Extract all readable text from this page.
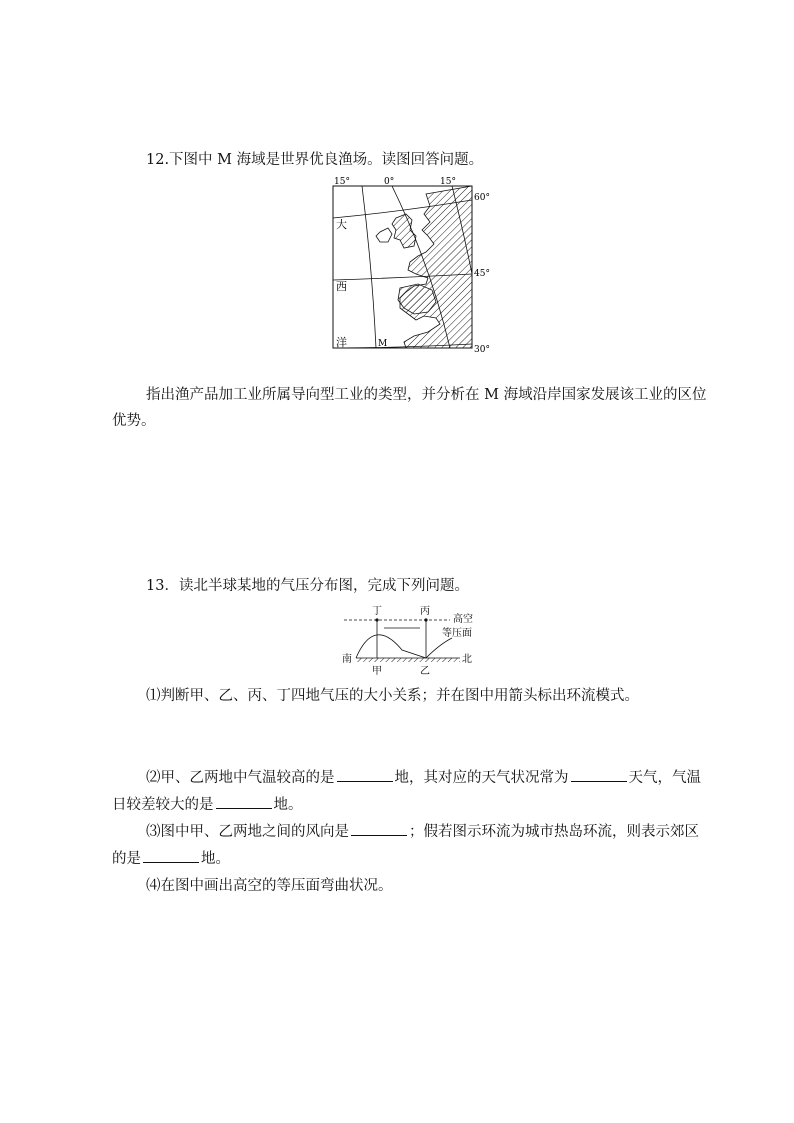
12.下图中 M 海域是世界优良渔场。读图回答问题。
15°	0°	15°
60°
45°
30°
大
西
洋	M
指出渔产品加工业所属导向型工业的类型，并分析在 M 海域沿岸国家发展该工业的区位
优势。
13．读北半球某地的气压分布图，完成下列问题。
丁	丙
高空
等压面
南	北
甲	乙
⑴判断甲、乙、丙、丁四地气压的大小关系；并在图中用箭头标出环流模式。
⑵甲、乙两地中气温较高的是	地，其对应的天气状况常为	天气，气温
日较差较大的是	地。
⑶图中甲、乙两地之间的风向是	；假若图示环流为城市热岛环流，则表示郊区
的是	地。
⑷在图中画出高空的等压面弯曲状况。
